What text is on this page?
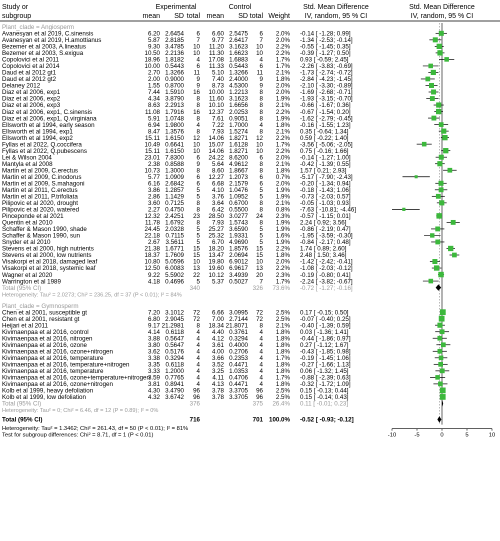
Study or
subgroup
Experimental
mean SD total
Control
mean SD total Weight
Std. Mean Difference
IV, random, 95 % CI
Std. Mean Difference
IV, random, 95 % CI
Plant_clade = Angiosperm
Avanesyan et al 2019, C.sinensis	6.20 2.6454 6 6.60 2.5475 6 2.0% -0.14 [ -1.28; 0.99]
Avanesyan et al 2019, H.amottianus	5.87 2.8185 7 9.77 2.6417 7 2.0% -1.34 [ -2.53; -0.14]
Bezemer et al 2003, A.lineatus	9.30 3.4785 10 11.20 3.1623 10 2.2% -0.55 [ -1.45; 0.35]
Bezemer et al 2003, S.exigua	10.50 2.2136 10 11.30 1.6623 10 2.2% -0.39 [ -1.27; 0.50]
Copolovici et al 2011	18.96 1.8182 4 17.08 1.6883 4 1.7% 0.93 [ -0.59; 2.45]
Copolovici et al 2014	10.00 0.5443 6 11.33 0.5443 6 1.7% -2.26 [ -3.83; -0.69]
Daud et al 2012 gt1	2.70 1.3266 11 5.10 1.3266 11 2.1% -1.73 [ -2.74; -0.72]
Daud et al 2012 gt2	2.00 0.9000 9 7.40 2.4000 9 1.8% -2.84 [ -4.23; -1.45]
Delaney 2012	1.55 0.8700 9 8.73 4.5300 9 2.0% -2.10 [ -3.30; -0.89]
Diaz et al 2006, exp1	7.44 1.5910 16 10.00 1.2213 8 2.0% -1.69 [ -2.68; -0.71]
Diaz et al 2006, exp2	4.34 3.8790 8 11.60 3.1623 8 1.9% -1.93 [ -3.15; -0.70]
Diaz et al 2006, exp3	8.63 2.2913 8 10.10 1.6656 8 2.1% -0.66 [ -1.67; 0.36]
Diaz et al 2006, exp1, C.sinensis	11.08 1.7916 16 12.37 2.0253 8 2.2% -0.67 [ -1.54; 0.20]
Diaz et al 2006, exp1, Q.virginiana	5.91 1.0748 8 7.61 0.9051 8 1.9% -1.62 [ -2.79; -0.45]
Ellsworth et al 1994, early season	6.94 1.9800 4 7.22 1.7000 4 1.8% -0.16 [ -1.55; 1.23]
Ellsworth et al 1994, exp1	8.47 1.3576 8 7.93 1.5274 8 2.1% 0.35 [ -0.64; 1.34]
Ellsworth et al 1994, exp2	15.11 1.6150 12 14.06 1.8271 12 2.2% 0.59 [ -0.22; 1.40]
Fyllas et al 2022, Q.coccifera	10.49 0.6641 10 15.07 1.6128 10 1.7% -3.56 [ -5.06; -2.05]
Fyllas et al 2022, Q.pubescens	15.11 1.6150 10 14.06 1.8271 10 2.2% 0.75 [ -0.16; 1.66]
Lei & Wilson 2004	23.01 7.8300 6 24.22 8.6200 6 2.0% -0.14 [ -1.27; 1.00]
Mantyla et al 2008	2.38 0.8588 9 5.64 4.9612 8 2.1% -0.42 [ -1.39; 0.55]
Martin et al 2009, C.erectus	10.73 1.3000 8 8.60 1.8667 8 1.8% 1.57 [ 0.21; 2.93]
Martin et al 2009, C.inodorus	5.77 1.0909 6 12.27 1.2073 6 0.7% -5.17 [ -7.90; -2.43]
Martin et al 2009, S.mahagoni	6.16 2.6842 6 6.68 2.1579 6 2.0% -0.20 [ -1.34; 0.94]
Martin et al 2011, C.erectus	3.86 1.2857 5 4.10 1.0476 5 1.9% -0.18 [ -1.43; 1.06]
Martin et al 2011, P.trifoliata	2.86 1.1429 5 3.76 1.0952 5 1.9% -0.73 [ -2.03; 0.57]
Pilipovic et al 2020, drought	3.60 0.7125 8 3.64 0.6700 8 2.1% -0.05 [ -1.03; 0.93]
Pilipovic et al 2020, watered	2.27 0.4750 8 6.42 0.5500 8 0.8% -7.63 [ -10.81; -4.46]
Pinceponde et al 2021	12.32 2.4251 23 28.50 3.0277 24 2.3% -0.57 [ -1.15; 0.01]
Quentin et al 2010	11.78 1.6792 8 7.93 1.5743 8 1.9% 2.24 [ 0.92; 3.56]
Schaffer & Mason 1990, shade	24.45 2.0328 5 25.27 3.6590 5 1.9% -0.86 [ -2.19; 0.47]
Schaffer & Mason 1990, sun	22.18 0.7115 5 25.32 1.9331 5 1.6% -1.95 [ -3.59; -0.30]
Snyder et al 2010	2.67 3.5611 5 6.70 4.9690 5 1.9% -0.84 [ -2.17; 0.48]
Stevens et al 2000, high nutrients	21.38 1.6771 15 18.20 1.8576 15 2.2% 1.74 [ 0.89; 2.60]
Stevens et al 2000, low nutrients	18.37 1.7609 15 13.47 2.0694 15 1.8% 2.48 [ 1.50; 3.46]
Visakorpi et al 2018, damaged leaf	10.80 5.0596 10 19.80 6.9012 10 2.0% -1.42 [ -2.42; -0.41]
Visakorpi et al 2018, systemic leaf	12.50 6.0083 13 19.60 6.9617 13 2.2% -1.08 [ -2.03; -0.12]
Wagner et al 2020	9.22 5.5902 22 10.12 3.4939 20 2.3% -0.19 [ -0.80; 0.41]
Warrington et al 1989	4.18 0.4696 5 5.37 0.5027 7 1.7% -2.24 [ -3.82; -0.67]
Total (95% CI)	340	326 73.6% -0.72 [ -1.27; -0.16]
Heterogeneity: Tau² = 2.0273; Chi² = 236.25, df = 37 (P < 0.01); I² = 84%
Plant_clade = Gymnosperm
Chen et al 2001, susceptible gt	7.20 3.1012 72 6.66 3.0995 72 2.5% 0.17 [ -0.15; 0.50]
Chen et al 2001, resistant gt	6.80 2.9045 72 7.00 2.7144 72 2.5% -0.07 [ -0.40; 0.25]
Heijari et al 2011	9.17 21.2981 8 18.34 21.8071 8 2.1% -0.40 [ -1.39; 0.59]
Kivimaenpaa et al 2016, control	4.14 0.6118 4 4.40 0.3761 4 1.8% 0.03 [ -1.36; 1.41]
Kivimaenpaa et al 2016, nitrogen	3.88 0.5647 4 4.12 0.3294 4 1.8% -0.44 [ -1.86; 0.97]
Kivimaenpaa et al 2016, ozone	3.80 0.5647 4 3.61 0.4000 4 1.8% 0.27 [ -1.12; 1.67]
Kivimaenpaa et al 2016, ozone+nitrogen	3.62 0.5176 4 4.00 0.2706 4 1.8% -0.43 [ -1.85; 0.98]
Kivimaenpaa et al 2016, temperature	3.38 0.3294 4 3.66 0.2353 4 1.7% -0.19 [ -1.45; 1.06]
Kivimaenpaa et al 2016, temperature+nitrogen	3.35 0.6118 4 3.52 0.4471 4 1.8% -0.27 [ -1.66; 1.13]
Kivimaenpaa et al 2016, temperature	3.33 1.2000 4 3.25 1.0353 4 1.8% 0.06 [ -1.32; 1.45]
Kivimaenpaa et al 2016, ozone+temperature+nitrogen
3.59 0.7765 4 4.11 0.4706 4 1.7% -0.88 [ -2.39; 0.63]
Kivimaenpaa et al 2016, ozone+nitrogen	3.81 0.8941 4 4.13 0.4471 4 1.8% -0.32 [ -1.72; 1.09]
Kolb et al 1999, heavy defoliation	4.30 3.4790 96 3.78 3.3705 96 2.5% 0.15 [ -0.13; 0.44]
Kolb et al 1999, low defoliation	4.32 3.6742 96 3.78 3.3705 96 2.5% 0.15 [ -0.14; 0.43]
Total (95% CI)	376	375 26.4% 0.11 [ -0.01; 0.23]
Heterogeneity: Tau² = 0; Chi² = 6.46, df = 12 (P = 0.89); I² = 0%
Total (95% CI)	716	701 100.0% -0.52 [ -0.93; -0.12]
Heterogeneity: Tau² = 1.3462; Chi² = 261.43, df = 50 (P < 0.01); I² = 81%
Test for subgroup differences: Chi² = 8.71, df = 1 (P < 0.01)	-10	-5	0	5	10
